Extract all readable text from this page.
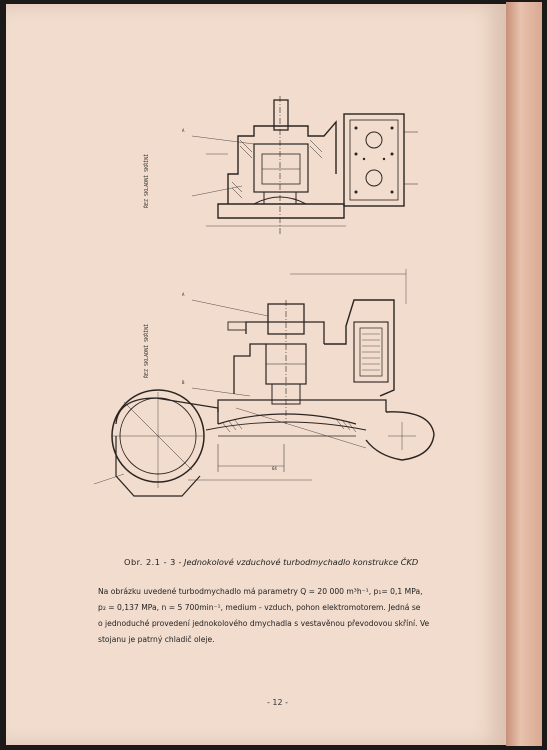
A
A
B
64
ŘEZ SKLADNÍ SKŘÍNÍ
ŘEZ SKLADNÍ SKŘÍNÍ
Obr. 2.1 - 3 - Jednokolové vzduchové turbodmychadlo konstrukce ČKD

Na obrázku uvedené turbodmychadlo má parametry Q = 20 000 m³h⁻¹, p₁= 0,1 MPa,

p₂ = 0,137 MPa, n = 5 700min⁻¹, medium - vzduch, pohon elektromotorem. Jedná se

o jednoduché provedení jednokolového dmychadla s vestavěnou převodovou skříní. Ve

stojanu je patrný chladič oleje.

- 12 -
